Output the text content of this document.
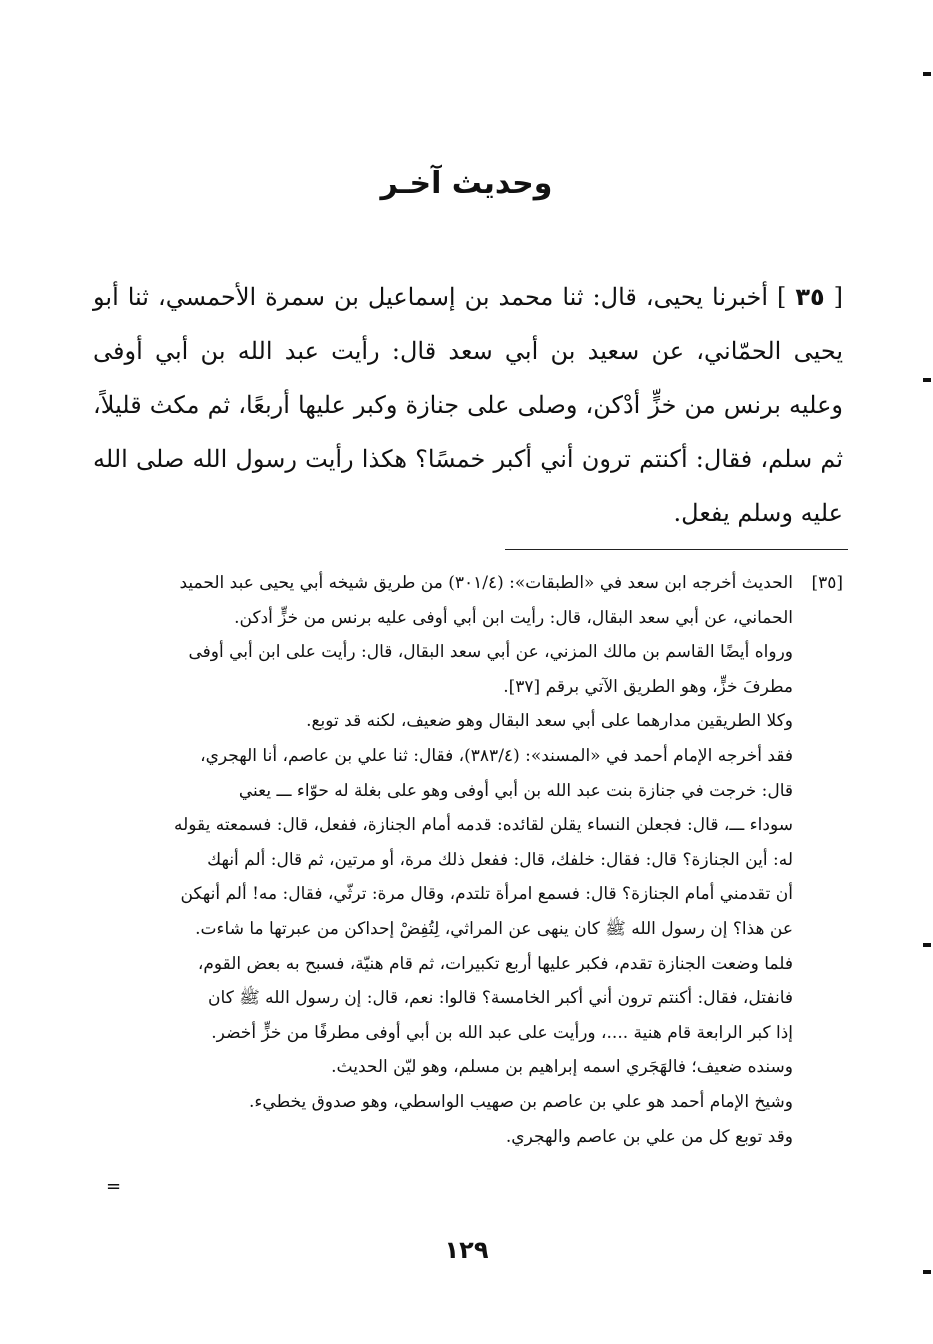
وحديث آخـر
[ ٣٥ ] أخبرنا يحيى، قال: ثنا محمد بن إسماعيل بن سمرة الأحمسي، ثنا أبو يحيى الحمّاني، عن سعيد بن أبي سعد قال: رأيت عبد الله بن أبي أوفى وعليه برنس من خزٍّ أدْكن، وصلى على جنازة وكبر عليها أربعًا، ثم مكث قليلاً، ثم سلم، فقال: أكنتم ترون أني أكبر خمسًا؟ هكذا رأيت رسول الله صلى الله عليه وسلم يفعل.
[٣٥]الحديث أخرجه ابن سعد في «الطبقات»: (٣٠١/٤) من طريق شيخه أبي يحيى عبد الحميد
الحماني، عن أبي سعد البقال، قال: رأيت ابن أبي أوفى عليه برنس من خزٍّ أدكن.
ورواه أيضًا القاسم بن مالك المزني، عن أبي سعد البقال، قال: رأيت على ابن أبي أوفى
مطرفَ خزٍّ، وهو الطريق الآتي برقم [٣٧].
وكلا الطريقين مدارهما على أبي سعد البقال وهو ضعيف، لكنه قد توبع.
فقد أخرجه الإمام أحمد في «المسند»: (٣٨٣/٤)، فقال: ثنا علي بن عاصم، أنا الهجري،
قال: خرجت في جنازة بنت عبد الله بن أبي أوفى وهو على بغلة له حوّاء ـــ يعني
سوداء ـــ، قال: فجعلن النساء يقلن لقائده: قدمه أمام الجنازة، ففعل، قال: فسمعته يقوله
له: أين الجنازة؟ قال: فقال: خلفك، قال: ففعل ذلك مرة، أو مرتين، ثم قال: ألم أنهك
أن تقدمني أمام الجنازة؟ قال: فسمع امرأة تلتدم، وقال مرة: ترثّي، فقال: مه! ألم أنهكن
عن هذا؟ إن رسول الله ﷺ كان ينهى عن المراثي، لِتُفِضْ إحداكن من عبرتها ما شاءت.
فلما وضعت الجنازة تقدم، فكبر عليها أربع تكبيرات، ثم قام هنيّة، فسبح به بعض القوم،
فانفتل، فقال: أكنتم ترون أني أكبر الخامسة؟ قالوا: نعم، قال: إن رسول الله ﷺ كان
إذا كبر الرابعة قام هنية ....، ورأيت على عبد الله بن أبي أوفى مطرفًا من خزٍّ أخضر.
وسنده ضعيف؛ فالهَجَري اسمه إبراهيم بن مسلم، وهو ليّن الحديث.
وشيخ الإمام أحمد هو علي بن عاصم بن صهيب الواسطي، وهو صدوق يخطيء.
وقد توبع كل من علي بن عاصم والهجري.
=
١٢٩
